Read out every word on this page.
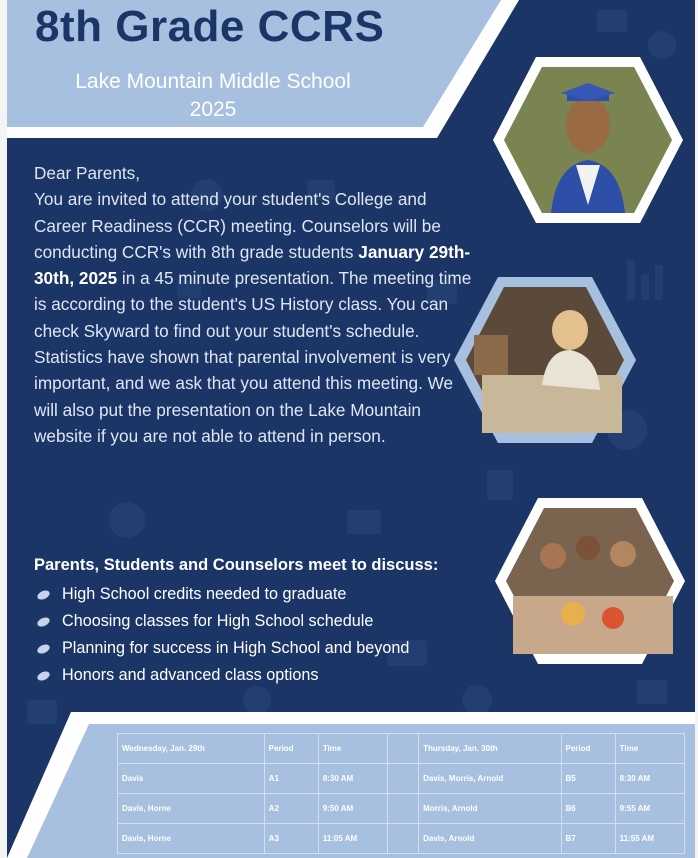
8th Grade CCRS
Lake Mountain Middle School
2025

Dear Parents,

You are invited to attend your student's College and Career Readiness (CCR) meeting. Counselors will be conducting CCR's with 8th grade students January 29th-30th, 2025 in a 45 minute presentation. The meeting time is according to the student's US History class. You can check Skyward to find out your student's schedule.

Statistics have shown that parental involvement is very important, and we ask that you attend this meeting. We will also put the presentation on the Lake Mountain website if you are not able to attend in person.

Parents, Students and Counselors meet to discuss:
High School credits needed to graduate
Choosing classes for High School schedule
Planning for success in High School and beyond
Honors and advanced class options
Wednesday, Jan. 29th	Period	Time		Thursday, Jan. 30th	Period	Time
Davis	A1	8:30 AM		Davis, Morris, Arnold	B5	8:30 AM
Davis, Horne	A2	9:50 AM		Morris, Arnold	B6	9:55 AM
Davis, Horne	A3	11:05 AM		Davis, Arnold	B7	11:55 AM
